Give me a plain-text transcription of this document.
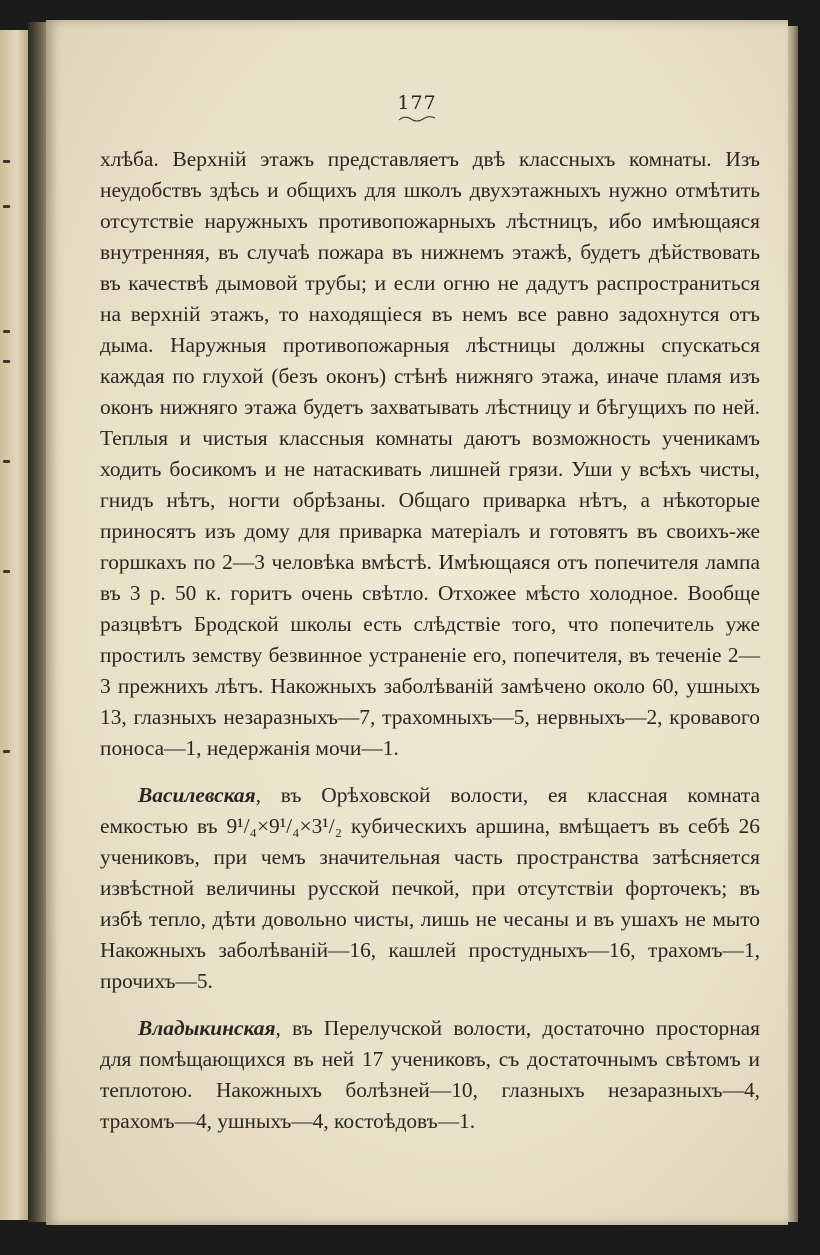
177

хлѣба. Верхній этажъ представляетъ двѣ классныхъ комнаты. Изъ неудобствъ здѣсь и общихъ для школъ двухэтажныхъ нужно отмѣтить отсутствіе наружныхъ противопожарныхъ лѣстницъ, ибо имѣющаяся внутренняя, въ случаѣ пожара въ нижнемъ этажѣ, будетъ дѣйствовать въ качествѣ дымовой трубы; и если огню не дадутъ распространиться на верхній этажъ, то находящіеся въ немъ все равно задохнутся отъ дыма. Наружныя противопожарныя лѣстницы должны спускаться каждая по глухой (безъ оконъ) стѣнѣ нижняго этажа, иначе пламя изъ оконъ нижняго этажа будетъ захватывать лѣстницу и бѣгущихъ по ней. Теплыя и чистыя классныя комнаты даютъ возможность ученикамъ ходить босикомъ и не натаскивать лишней грязи. Уши у всѣхъ чисты, гнидъ нѣтъ, ногти обрѣзаны. Общаго приварка нѣтъ, а нѣкоторые приносятъ изъ дому для приварка матеріалъ и готовятъ въ своихъ-же горшкахъ по 2—3 человѣка вмѣстѣ. Имѣющаяся отъ попечителя лампа въ 3 р. 50 к. горитъ очень свѣтло. Отхожее мѣсто холодное. Вообще разцвѣтъ Бродской школы есть слѣдствіе того, что попечитель уже простилъ земству безвинное устраненіе его, попечителя, въ теченіе 2—3 прежнихъ лѣтъ. Накожныхъ заболѣваній замѣчено около 60, ушныхъ 13, глазныхъ незаразныхъ—7, трахомныхъ—5, нервныхъ—2, кровавого поноса—1, недержанія мочи—1.

Василевская, въ Орѣховской волости, ея классная комната емкостью въ 9¹/₄×9¹/₄×3¹/₂ кубическихъ аршина, вмѣщаетъ въ себѣ 26 учениковъ, при чемъ значительная часть пространства затѣсняется извѣстной величины русской печкой, при отсутствіи форточекъ; въ избѣ тепло, дѣти довольно чисты, лишь не чесаны и въ ушахъ не мыто Накожныхъ заболѣваній—16, кашлей простудныхъ—16, трахомъ—1, прочихъ—5.

Владыкинская, въ Перелучской волости, достаточно просторная для помѣщающихся въ ней 17 учениковъ, съ достаточнымъ свѣтомъ и теплотою. Накожныхъ болѣзней—10, глазныхъ незаразныхъ—4, трахомъ—4, ушныхъ—4, костоѣдовъ—1.
